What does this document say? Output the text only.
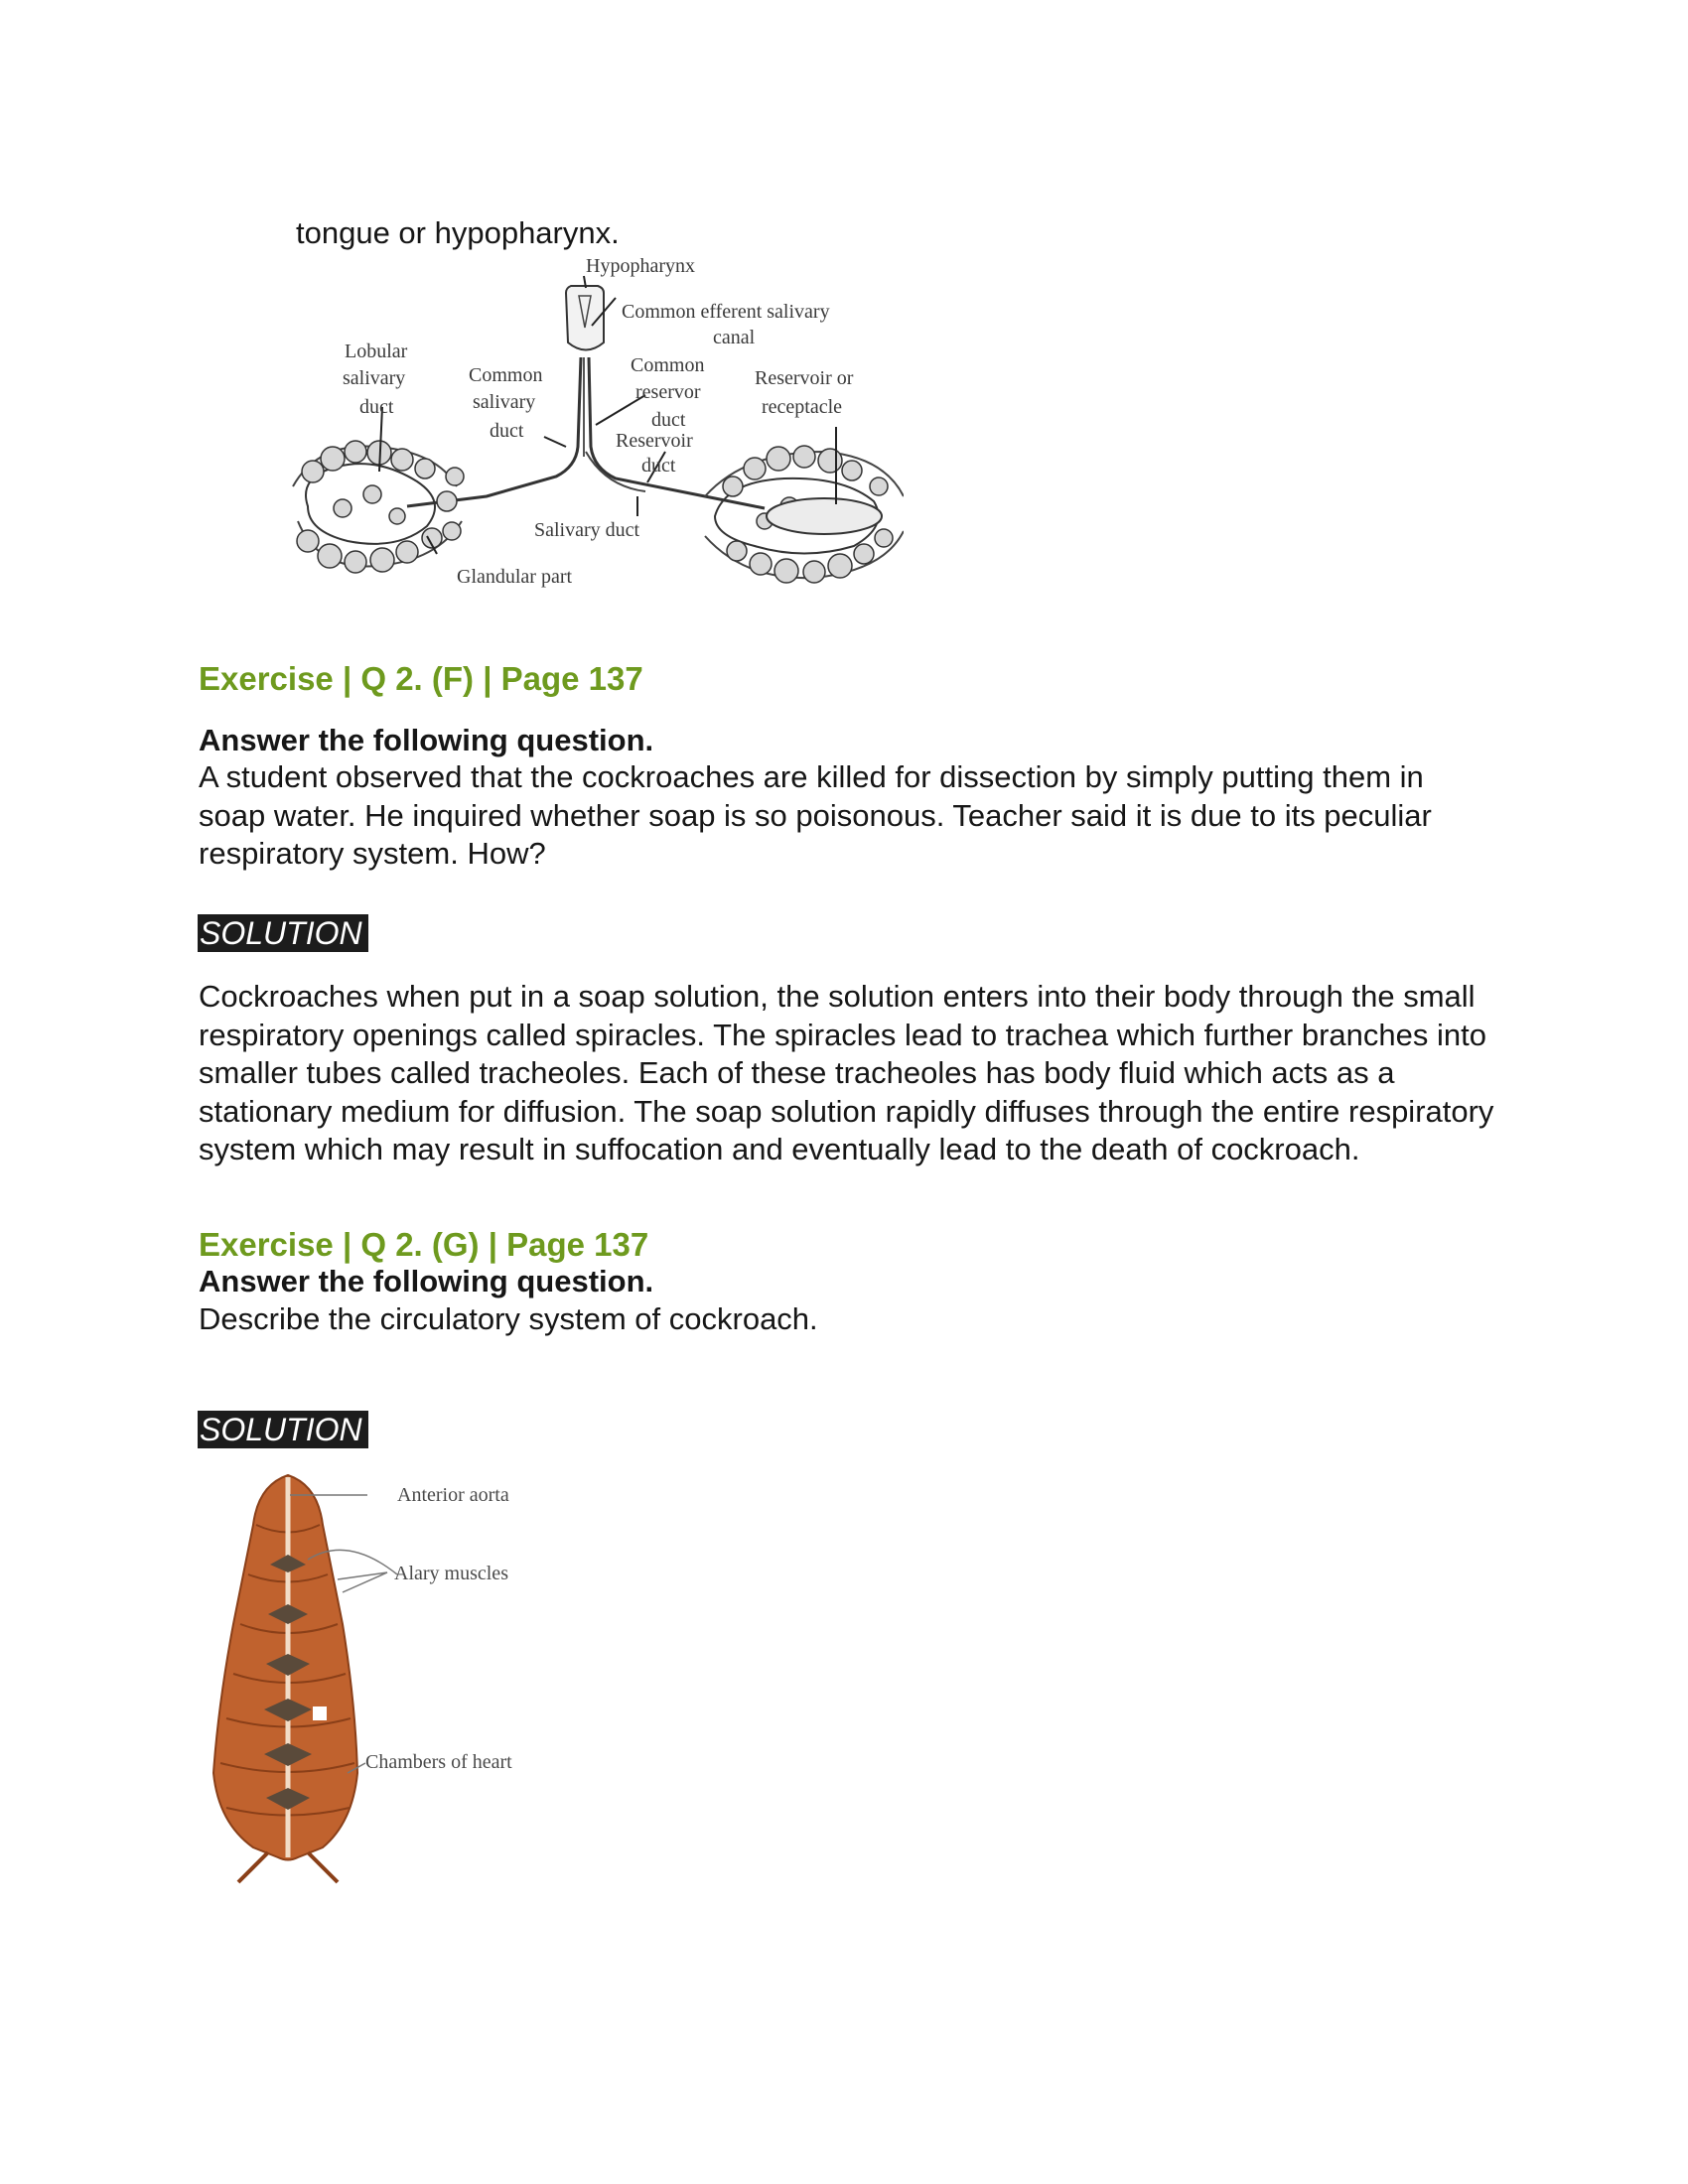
tongue or hypopharynx.
Hypopharynx
Common efferent salivary
canal
Lobular
salivary
duct
Common
salivary
duct
Common
reservor
duct
Reservoir
duct
Reservoir or
receptacle
Salivary duct
Glandular part
Exercise | Q 2. (F) | Page 137
Answer the following question.
A student observed that the cockroaches are killed for dissection by simply putting them in soap water. He inquired whether soap is so poisonous. Teacher said it is due to its peculiar respiratory system. How?
SOLUTION
Cockroaches when put in a soap solution, the solution enters into their body through the small respiratory openings called spiracles. The spiracles lead to trachea which further branches into smaller tubes called tracheoles. Each of these tracheoles has body fluid which acts as a stationary medium for diffusion. The soap solution rapidly diffuses through the entire respiratory system which may result in suffocation and eventually lead to the death of cockroach.
Exercise | Q 2. (G) | Page 137
Answer the following question.
Describe the circulatory system of cockroach.
SOLUTION
Anterior aorta
Alary muscles
Chambers of heart
